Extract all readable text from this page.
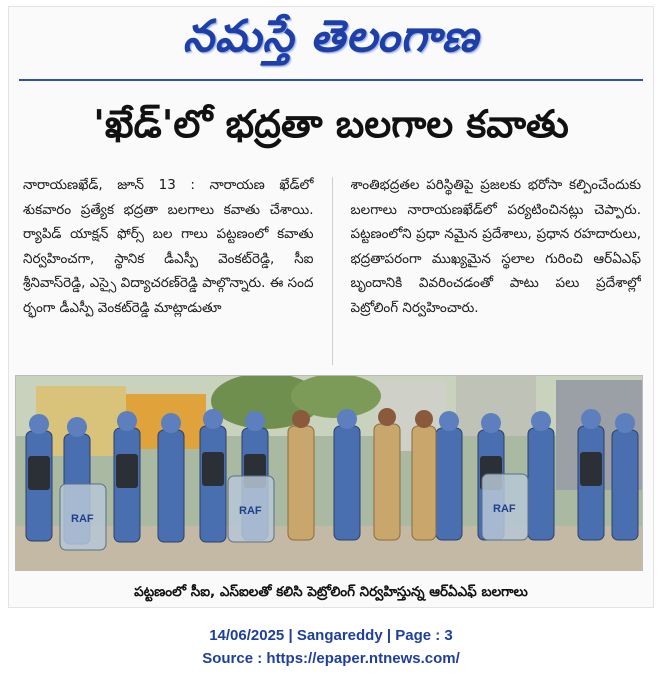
నమస్తే తెలంగాణ
'ఖేడ్'లో భద్రతా బలగాల కవాతు
నారాయణఖేడ్, జూన్ 13 : నారాయణ ఖేడ్‌లో శుకవారం ప్రత్యేక భద్రతా బలగాలు కవాతు చేశాయి. ర్యాపిడ్ యాక్షన్ ఫోర్స్ బల గాలు పట్టణంలో కవాతు నిర్వహించగా, స్థానిక డీఎస్పీ వెంకట్‌రెడ్డి, సీఐ శ్రీనివాస్‌రెడ్డి, ఎస్సై విద్యాచరణ్‌రెడ్డి పాల్గొన్నారు. ఈ సంద ర్భంగా డీఎస్పీ వెంకట్‌రెడ్డి మాట్లాడుతూ
శాంతిభద్రతల పరిస్థితిపై ప్రజలకు భరోసా కల్పించేందుకు బలగాలు నారాయణఖేడ్‌లో పర్యటించినట్లు చెప్పారు. పట్టణంలోని ప్రధా నమైన ప్రదేశాలు, ప్రధాన రహదారులు, భద్రతాపరంగా ముఖ్యమైన స్థలాల గురించి ఆర్ఏఎఫ్ బృందానికి వివరించడంతో పాటు పలు ప్రదేశాల్లో పెట్రోలింగ్ నిర్వహించారు.
RAF
RAF	RAF
పట్టణంలో సీఐ, ఎస్ఐలతో కలిసి పెట్రోలింగ్ నిర్వహిస్తున్న ఆర్ఏఎఫ్ బలగాలు
14/06/2025 | Sangareddy | Page : 3
Source : https://epaper.ntnews.com/
